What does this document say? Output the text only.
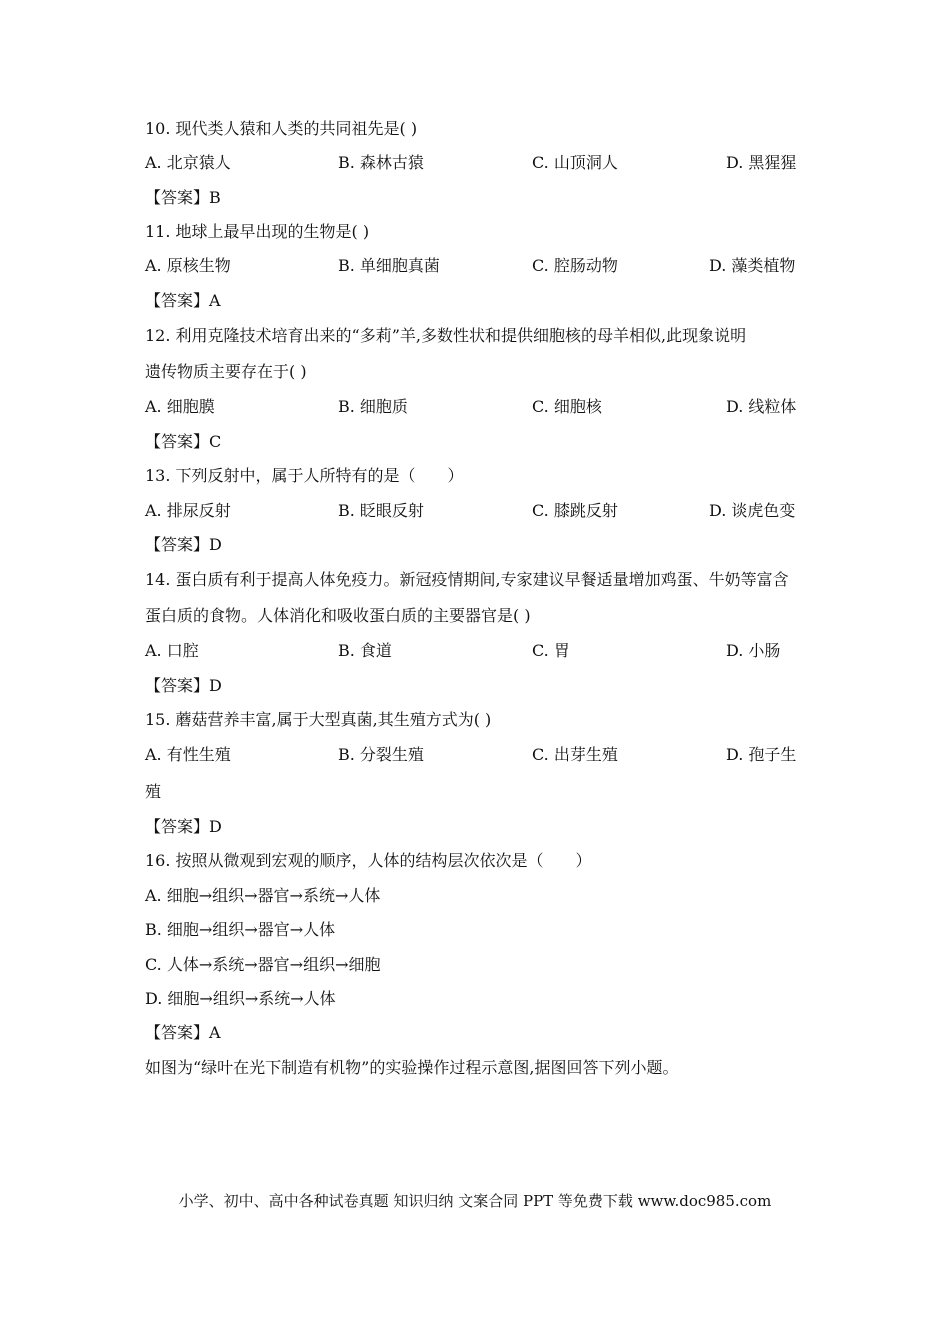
10. 现代类人猿和人类的共同祖先是( )
A. 北京猿人	B. 森林古猿	C. 山顶洞人	D. 黑猩猩
【答案】B
11. 地球上最早出现的生物是( )
A. 原核生物	B. 单细胞真菌	C. 腔肠动物	D. 藻类植物
【答案】A
12. 利用克隆技术培育出来的“多莉”羊,多数性状和提供细胞核的母羊相似,此现象说明
遗传物质主要存在于( )
A. 细胞膜	B. 细胞质	C. 细胞核	D. 线粒体
【答案】C
13. 下列反射中，属于人所特有的是（　　）
A. 排尿反射	B. 眨眼反射	C. 膝跳反射	D. 谈虎色变
【答案】D
14. 蛋白质有利于提高人体免疫力。新冠疫情期间,专家建议早餐适量增加鸡蛋、牛奶等富含
蛋白质的食物。人体消化和吸收蛋白质的主要器官是( )
A. 口腔	B. 食道	C. 胃	D. 小肠
【答案】D
15. 蘑菇营养丰富,属于大型真菌,其生殖方式为( )
A. 有性生殖	B. 分裂生殖	C. 出芽生殖	D. 孢子生
殖
【答案】D
16. 按照从微观到宏观的顺序，人体的结构层次依次是（　　）
A. 细胞→组织→器官→系统→人体
B. 细胞→组织→器官→人体
C. 人体→系统→器官→组织→细胞
D. 细胞→组织→系统→人体
【答案】A
如图为“绿叶在光下制造有机物”的实验操作过程示意图,据图回答下列小题。
小学、初中、高中各种试卷真题 知识归纳 文案合同 PPT 等免费下载 www.doc985.com
